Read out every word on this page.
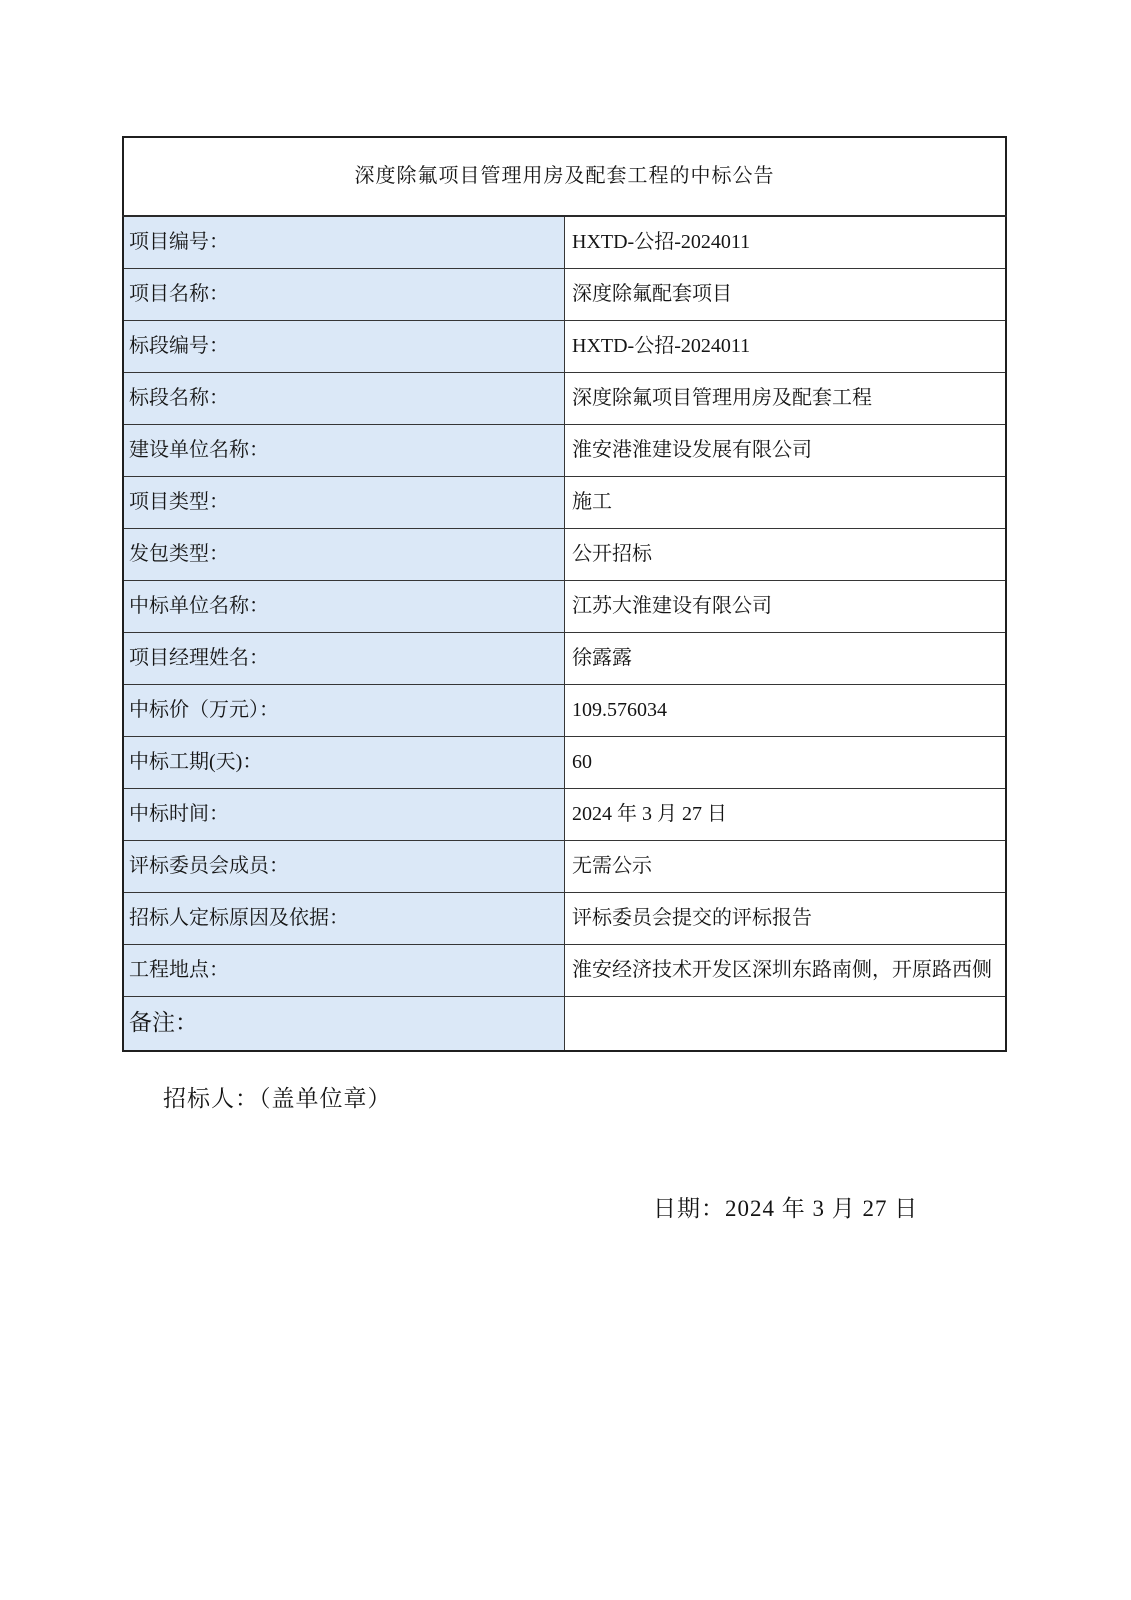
深度除氟项目管理用房及配套工程的中标公告	
项目编号：	HXTD-公招-2024011
项目名称：	深度除氟配套项目
标段编号：	HXTD-公招-2024011
标段名称：	深度除氟项目管理用房及配套工程
建设单位名称：	淮安港淮建设发展有限公司
项目类型：	施工
发包类型：	公开招标
中标单位名称：	江苏大淮建设有限公司
项目经理姓名：	徐露露
中标价（万元）：	109.576034
中标工期(天)：	60
中标时间：	2024 年 3 月 27 日
评标委员会成员：	无需公示
招标人定标原因及依据：	评标委员会提交的评标报告
工程地点：	淮安经济技术开发区深圳东路南侧，开原路西侧
备注：	
招标人：（盖单位章）
日期：2024 年 3 月 27 日
